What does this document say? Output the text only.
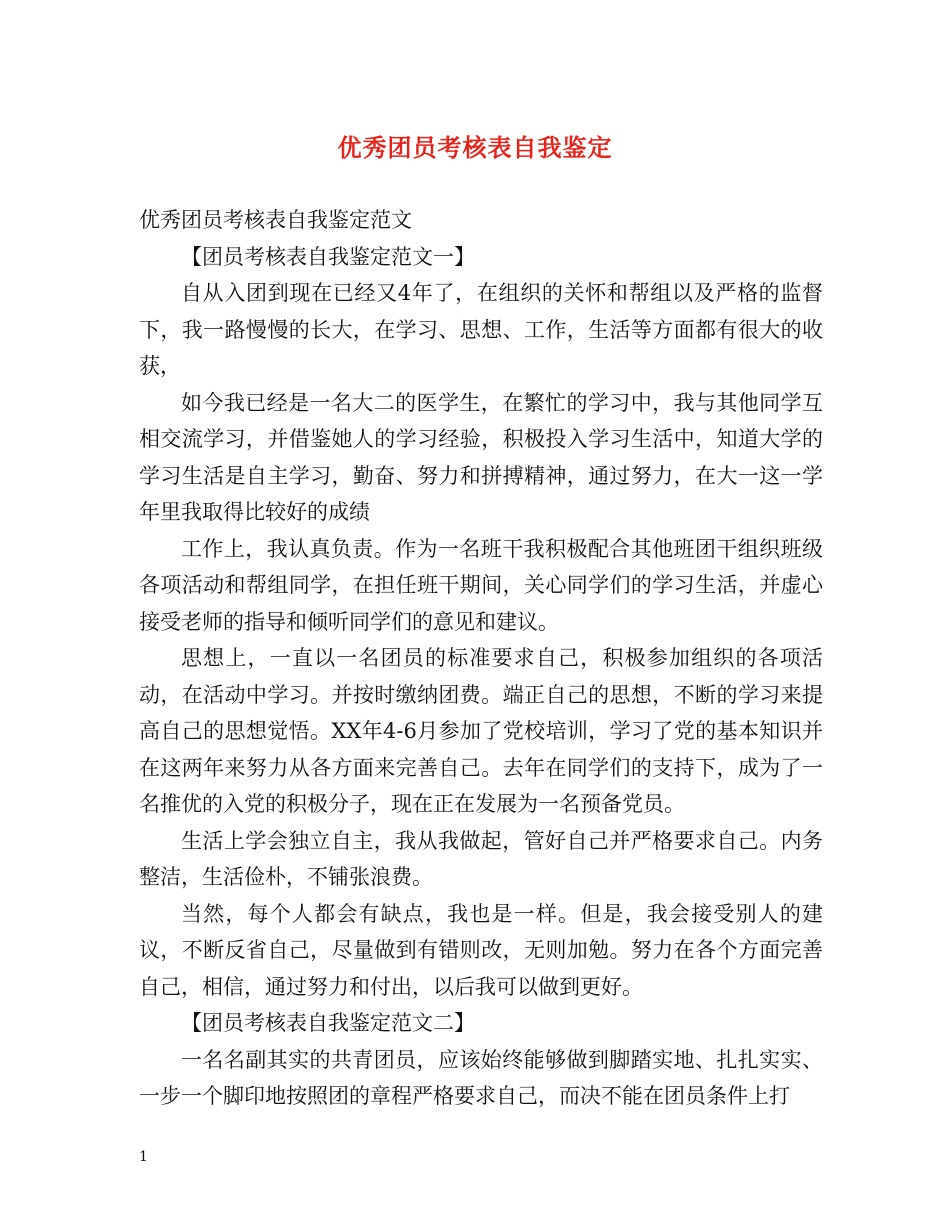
优秀团员考核表自我鉴定

优秀团员考核表自我鉴定范文

【团员考核表自我鉴定范文一】

自从入团到现在已经又4年了，在组织的关怀和帮组以及严格的监督下，我一路慢慢的长大，在学习、思想、工作，生活等方面都有很大的收获，

如今我已经是一名大二的医学生，在繁忙的学习中，我与其他同学互相交流学习，并借鉴她人的学习经验，积极投入学习生活中，知道大学的学习生活是自主学习，勤奋、努力和拼搏精神，通过努力，在大一这一学年里我取得比较好的成绩

工作上，我认真负责。作为一名班干我积极配合其他班团干组织班级各项活动和帮组同学，在担任班干期间，关心同学们的学习生活，并虚心接受老师的指导和倾听同学们的意见和建议。

思想上，一直以一名团员的标准要求自己，积极参加组织的各项活动，在活动中学习。并按时缴纳团费。端正自己的思想，不断的学习来提高自己的思想觉悟。XX年4-6月参加了党校培训，学习了党的基本知识并在这两年来努力从各方面来完善自己。去年在同学们的支持下，成为了一名推优的入党的积极分子，现在正在发展为一名预备党员。

生活上学会独立自主，我从我做起，管好自己并严格要求自己。内务整洁，生活俭朴，不铺张浪费。

当然，每个人都会有缺点，我也是一样。但是，我会接受别人的建议，不断反省自己，尽量做到有错则改，无则加勉。努力在各个方面完善自己，相信，通过努力和付出，以后我可以做到更好。

【团员考核表自我鉴定范文二】

一名名副其实的共青团员，应该始终能够做到脚踏实地、扎扎实实、一步一个脚印地按照团的章程严格要求自己，而决不能在团员条件上打

1
